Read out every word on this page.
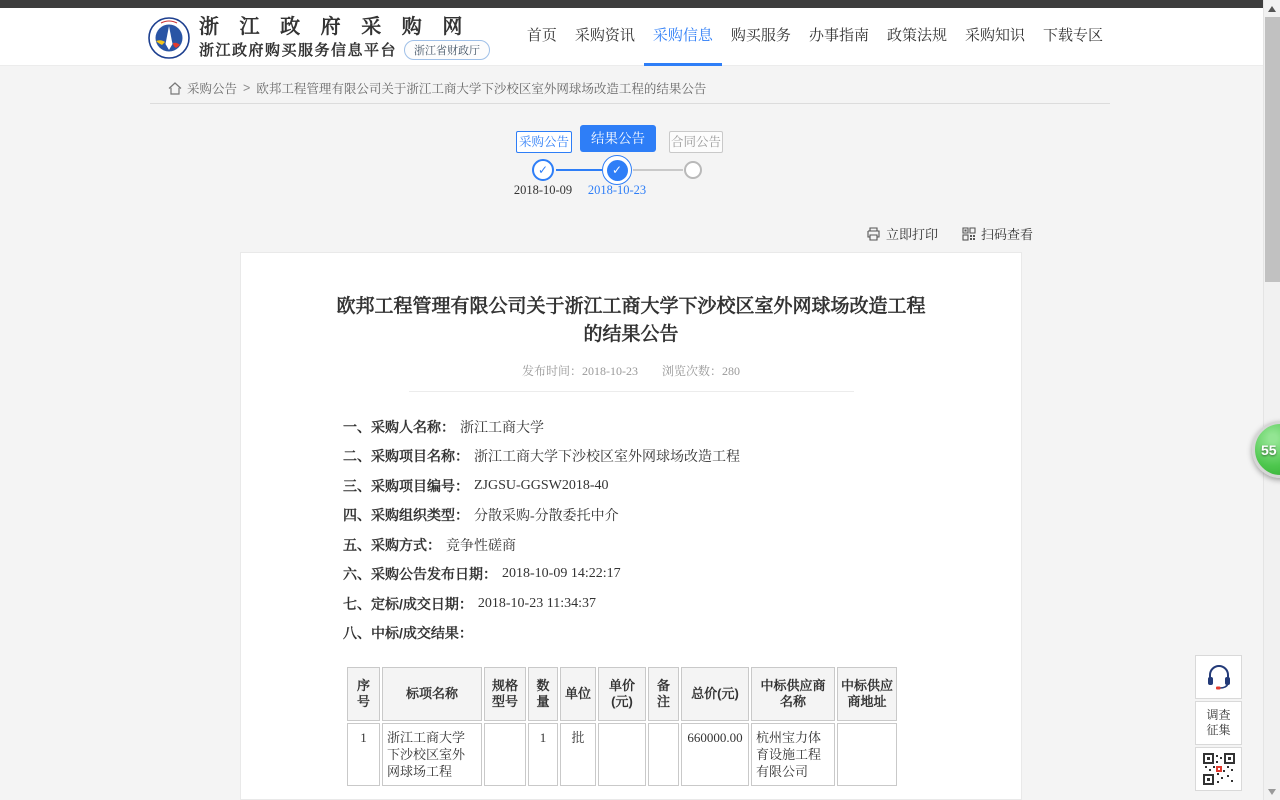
浙 江 政 府 采 购 网
浙江政府购买服务信息平台	浙江省财政厅
首页	采购资讯	采购信息	购买服务	办事指南	政策法规	采购知识	下载专区
采购公告 > 欧邦工程管理有限公司关于浙江工商大学下沙校区室外网球场改造工程的结果公告
采购公告	结果公告	合同公告
✓	✓
2018-10-09	2018-10-23
立即打印	扫码查看
欧邦工程管理有限公司关于浙江工商大学下沙校区室外网球场改造工程的结果公告
发布时间：2018-10-23 浏览次数：280
一、采购人名称： 浙江工商大学
二、采购项目名称： 浙江工商大学下沙校区室外网球场改造工程
三、采购项目编号： ZJGSU-GGSW2018-40
四、采购组织类型： 分散采购-分散委托中介
五、采购方式： 竞争性磋商
六、采购公告发布日期： 2018-10-09 14:22:17
七、定标/成交日期： 2018-10-23 11:34:37
八、中标/成交结果：
序号	标项名称	规格型号	数量	单位	单价(元)	备注	总价(元)	中标供应商名称	中标供应商地址
1	浙江工商大学下沙校区室外网球场工程		1	批			660000.00	杭州宝力体育设施工程有限公司	
55
调查
征集
